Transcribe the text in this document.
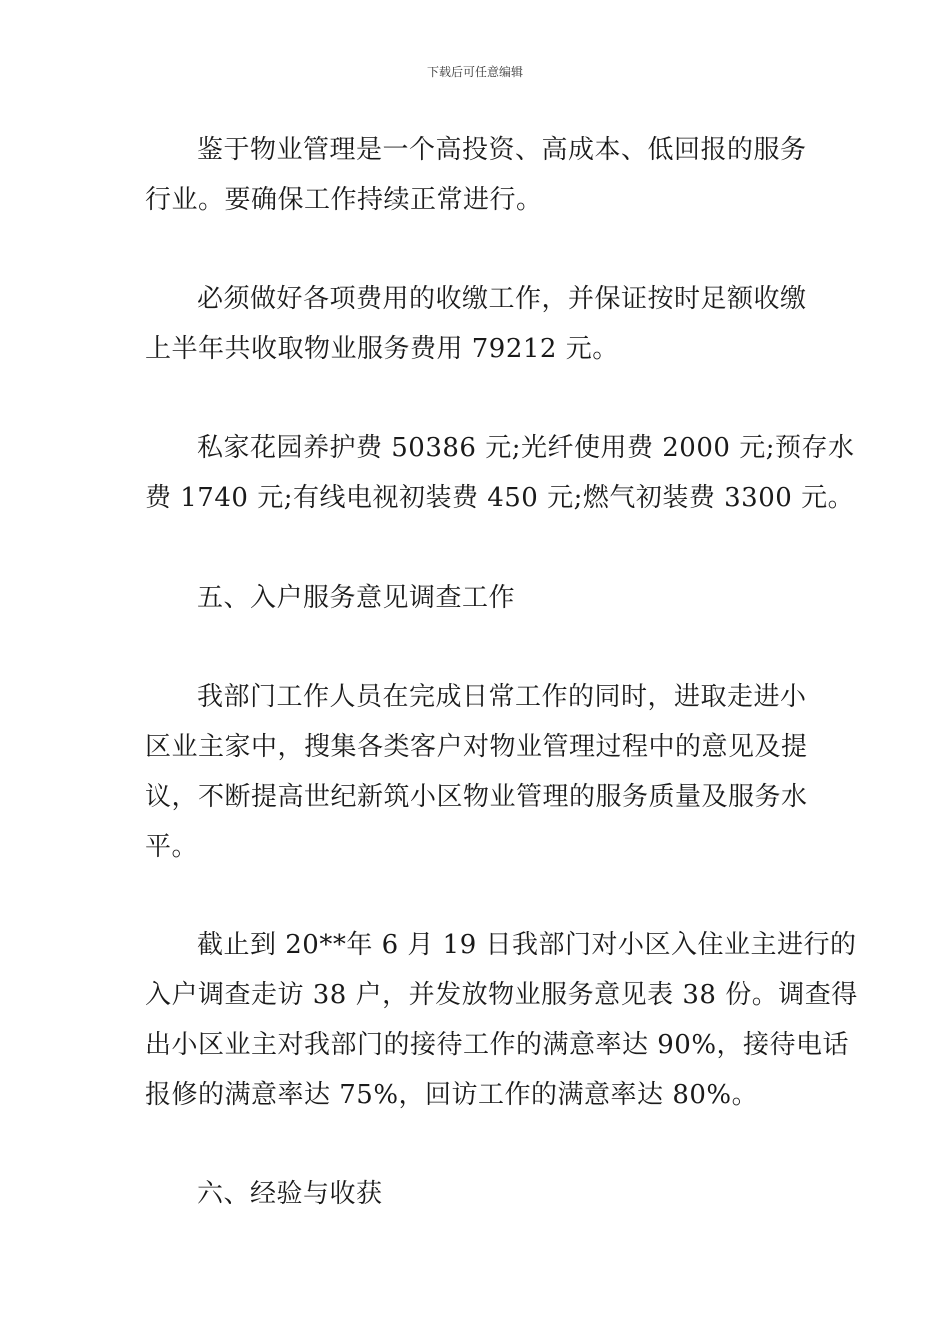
下载后可任意编辑
鉴于物业管理是一个高投资、高成本、低回报的服务
行业。要确保工作持续正常进行。
必须做好各项费用的收缴工作，并保证按时足额收缴
上半年共收取物业服务费用 79212 元。
私家花园养护费 50386 元;光纤使用费 2000 元;预存水
费 1740 元;有线电视初装费 450 元;燃气初装费 3300 元。
五、入户服务意见调查工作
我部门工作人员在完成日常工作的同时，进取走进小
区业主家中，搜集各类客户对物业管理过程中的意见及提
议，不断提高世纪新筑小区物业管理的服务质量及服务水
平。
截止到 20**年 6 月 19 日我部门对小区入住业主进行的
入户调查走访 38 户，并发放物业服务意见表 38 份。调查得
出小区业主对我部门的接待工作的满意率达 90%，接待电话
报修的满意率达 75%，回访工作的满意率达 80%。
六、经验与收获
